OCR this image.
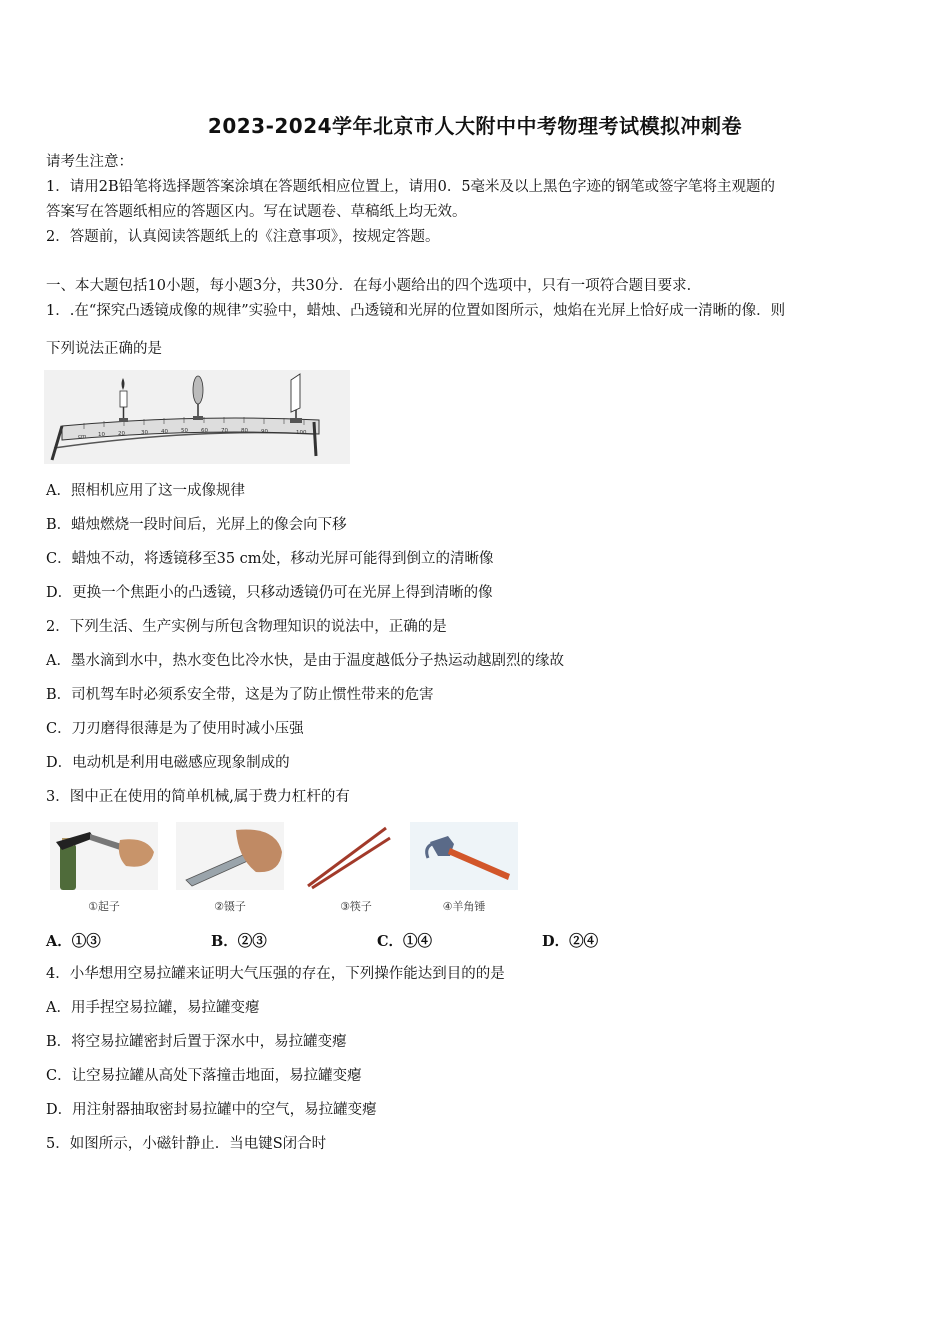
2023-2024学年北京市人大附中中考物理考试模拟冲刺卷
请考生注意：
1．请用2B铅笔将选择题答案涂填在答题纸相应位置上，请用0．5毫米及以上黑色字迹的钢笔或签字笔将主观题的
答案写在答题纸相应的答题区内。写在试题卷、草稿纸上均无效。
2．答题前，认真阅读答题纸上的《注意事项》，按规定答题。
一、本大题包括10小题，每小题3分，共30分．在每小题给出的四个选项中，只有一项符合题目要求．
1．.在“探究凸透镜成像的规律”实验中，蜡烛、凸透镜和光屏的位置如图所示，烛焰在光屏上恰好成一清晰的像．则
下列说法正确的是
cm 10 20	30 40 50 60 70 80 90	100
A．照相机应用了这一成像规律
B．蜡烛燃烧一段时间后，光屏上的像会向下移
C．蜡烛不动，将透镜移至35 cm处，移动光屏可能得到倒立的清晰像
D．更换一个焦距小的凸透镜，只移动透镜仍可在光屏上得到清晰的像
2．下列生活、生产实例与所包含物理知识的说法中，正确的是
A．墨水滴到水中，热水变色比冷水快，是由于温度越低分子热运动越剧烈的缘故
B．司机驾车时必须系安全带，这是为了防止惯性带来的危害
C．刀刃磨得很薄是为了使用时减小压强
D．电动机是利用电磁感应现象制成的
3．图中正在使用的简单机械,属于费力杠杆的有
①起子	②镊子	③筷子	④羊角锤
A．①③	B．②③	C．①④	D．②④
4．小华想用空易拉罐来证明大气压强的存在，下列操作能达到目的的是
A．用手捏空易拉罐，易拉罐变瘪
B．将空易拉罐密封后置于深水中，易拉罐变瘪
C．让空易拉罐从高处下落撞击地面，易拉罐变瘪
D．用注射器抽取密封易拉罐中的空气，易拉罐变瘪
5．如图所示，小磁针静止．当电键S闭合时
